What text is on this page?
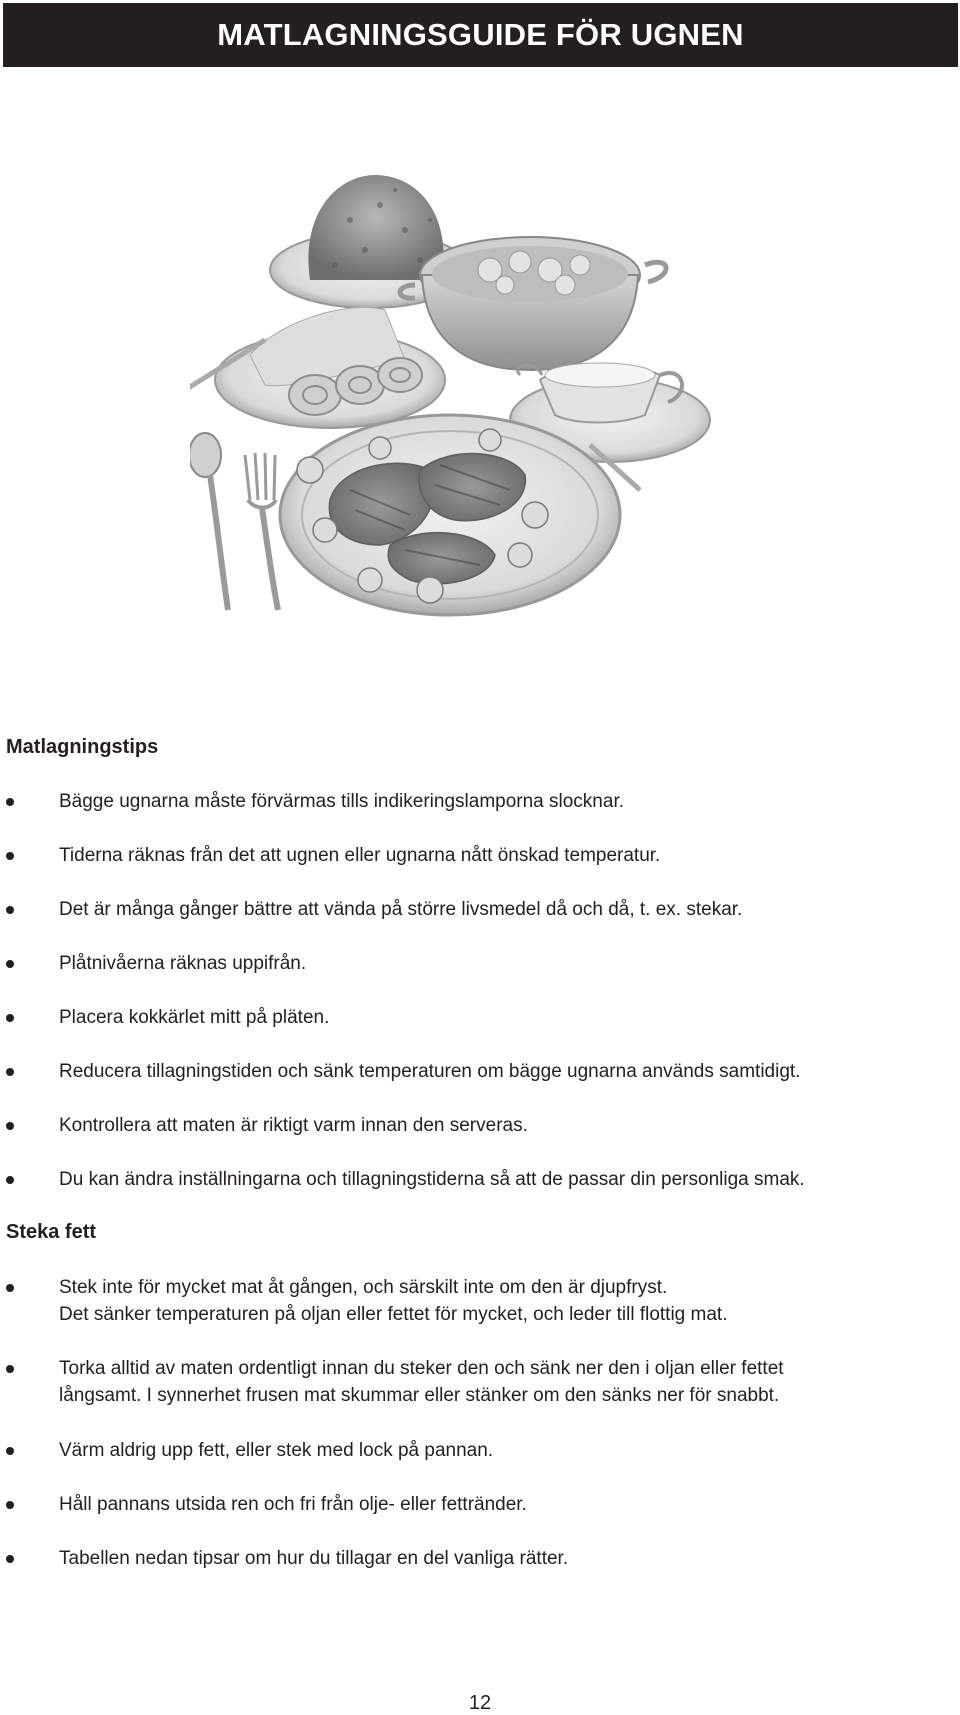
MATLAGNINGSGUIDE FÖR UGNEN
Matlagningstips
Bägge ugnarna måste förvärmas tills indikeringslamporna slocknar.
Tiderna räknas från det att ugnen eller ugnarna nått önskad temperatur.
Det är många gånger bättre att vända på större livsmedel då och då, t. ex. stekar.
Plåtnivåerna räknas uppifrån.
Placera kokkärlet mitt på pläten.
Reducera tillagningstiden och sänk temperaturen om bägge ugnarna används samtidigt.
Kontrollera att maten är riktigt varm innan den serveras.
Du kan ändra inställningarna och tillagningstiderna så att de passar din personliga smak.
Steka fett
Stek inte för mycket mat åt gången, och särskilt inte om den är djupfryst.
Det sänker temperaturen på oljan eller fettet för mycket, och leder till flottig mat.
Torka alltid av maten ordentligt innan du steker den och sänk ner den i oljan eller fettet
långsamt. I synnerhet frusen mat skummar eller stänker om den sänks ner för snabbt.
Värm aldrig upp fett, eller stek med lock på pannan.
Håll pannans utsida ren och fri från olje- eller fettränder.
Tabellen nedan tipsar om hur du tillagar en del vanliga rätter.
12
